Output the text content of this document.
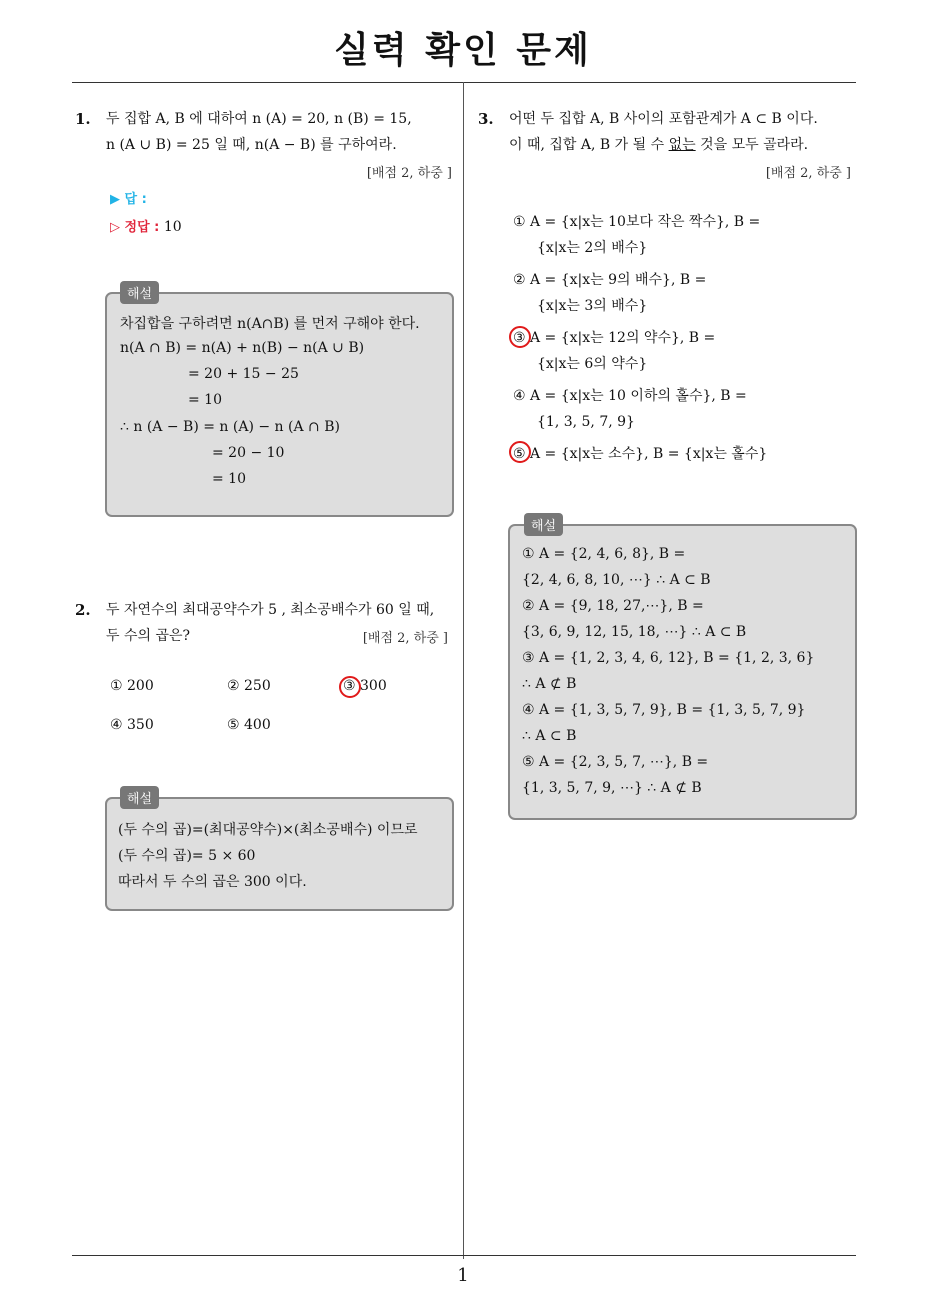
실력 확인 문제
1
1. 두 집합 A, B 에 대하여 n (A) = 20, n (B) = 15,
n (A ∪ B) = 25 일 때, n(A − B) 를 구하여라.
[배점 2, 하중 ]
▶ 답 :
▷ 정답 : 10
해설
차집합을 구하려면 n(A∩B) 를 먼저 구해야 한다.
n(A ∩ B) = n(A) + n(B) − n(A ∪ B)
= 20 + 15 − 25
= 10
∴ n (A − B) = n (A) − n (A ∩ B)
= 20 − 10
= 10
2. 두 자연수의 최대공약수가 5 , 최소공배수가 60 일 때,
두 수의 곱은?	[배점 2, 하중 ]
① 200	② 250	③ 300
④ 350	⑤ 400
해설
(두 수의 곱)=(최대공약수)×(최소공배수) 이므로
(두 수의 곱)= 5 × 60
따라서 두 수의 곱은 300 이다.
3. 어떤 두 집합 A, B 사이의 포함관계가 A ⊂ B 이다.
이 때, 집합 A, B 가 될 수 없는 것을 모두 골라라.
[배점 2, 하중 ]
① A = {x|x는 10보다 작은 짝수}, B =
{x|x는 2의 배수}
② A = {x|x는 9의 배수}, B =
{x|x는 3의 배수}
③ A = {x|x는 12의 약수}, B =
{x|x는 6의 약수}
④ A = {x|x는 10 이하의 홀수}, B =
{1, 3, 5, 7, 9}
⑤ A = {x|x는 소수}, B = {x|x는 홀수}
해설
① A = {2, 4, 6, 8}, B =
{2, 4, 6, 8, 10, ⋯} ∴ A ⊂ B
② A = {9, 18, 27,⋯}, B =
{3, 6, 9, 12, 15, 18, ⋯} ∴ A ⊂ B
③ A = {1, 2, 3, 4, 6, 12}, B = {1, 2, 3, 6}
∴ A ⊄ B
④ A = {1, 3, 5, 7, 9}, B = {1, 3, 5, 7, 9}
∴ A ⊂ B
⑤ A = {2, 3, 5, 7, ⋯}, B =
{1, 3, 5, 7, 9, ⋯} ∴ A ⊄ B
